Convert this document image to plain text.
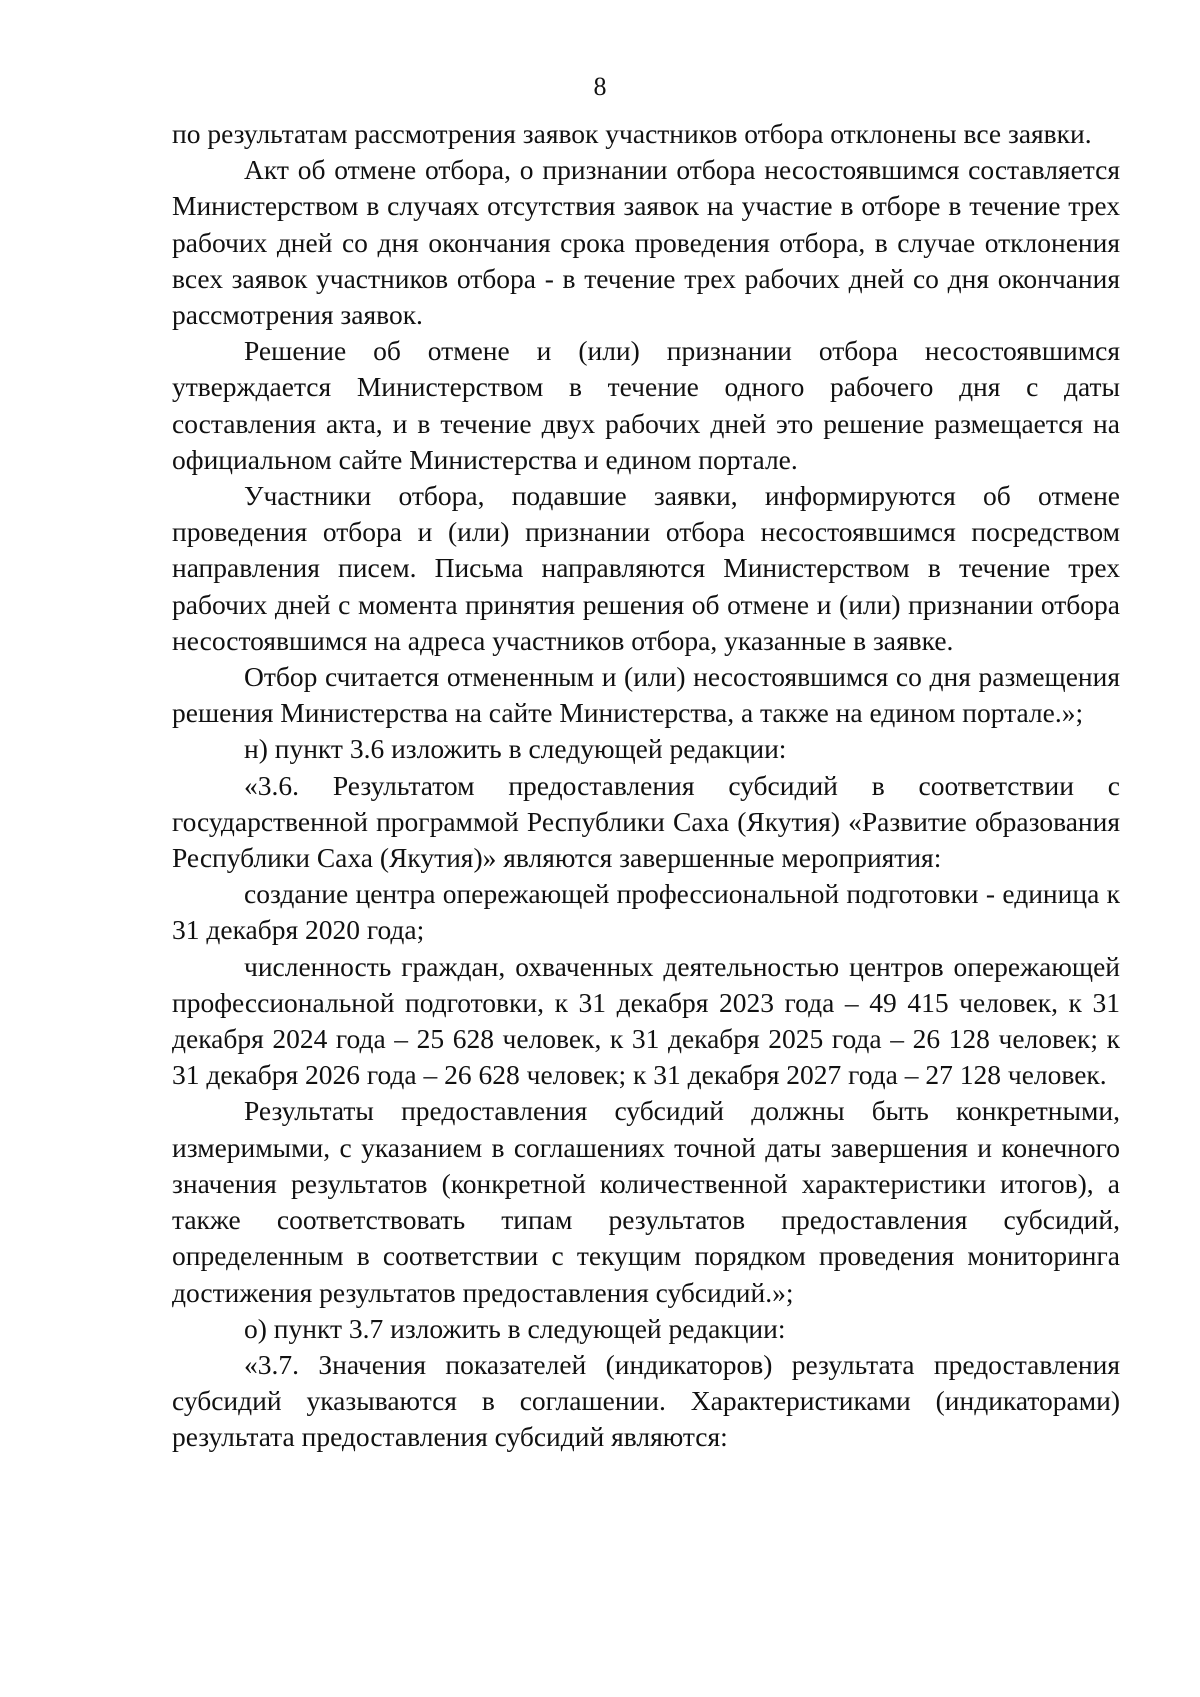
8

по результатам рассмотрения заявок участников отбора отклонены все заявки.

Акт об отмене отбора, о признании отбора несостоявшимся составляется Министерством в случаях отсутствия заявок на участие в отборе в течение трех рабочих дней со дня окончания срока проведения отбора, в случае отклонения всех заявок участников отбора - в течение трех рабочих дней со дня окончания рассмотрения заявок.

Решение об отмене и (или) признании отбора несостоявшимся утверждается Министерством в течение одного рабочего дня с даты составления акта, и в течение двух рабочих дней это решение размещается на официальном сайте Министерства и едином портале.

Участники отбора, подавшие заявки, информируются об отмене проведения отбора и (или) признании отбора несостоявшимся посредством направления писем. Письма направляются Министерством в течение трех рабочих дней с момента принятия решения об отмене и (или) признании отбора несостоявшимся на адреса участников отбора, указанные в заявке.

Отбор считается отмененным и (или) несостоявшимся со дня размещения решения Министерства на сайте Министерства, а также на едином портале.»;

н) пункт 3.6 изложить в следующей редакции:

«3.6. Результатом предоставления субсидий в соответствии с государственной программой Республики Саха (Якутия) «Развитие образования Республики Саха (Якутия)» являются завершенные мероприятия:

создание центра опережающей профессиональной подготовки - единица к 31 декабря 2020 года;

численность граждан, охваченных деятельностью центров опережающей профессиональной подготовки, к 31 декабря 2023 года – 49 415 человек, к 31 декабря 2024 года – 25 628 человек, к 31 декабря 2025 года – 26 128 человек; к 31 декабря 2026 года – 26 628 человек; к 31 декабря 2027 года – 27 128 человек.

Результаты предоставления субсидий должны быть конкретными, измеримыми, с указанием в соглашениях точной даты завершения и конечного значения результатов (конкретной количественной характеристики итогов), а также соответствовать типам результатов предоставления субсидий, определенным в соответствии с текущим порядком проведения мониторинга достижения результатов предоставления субсидий.»;

о) пункт 3.7 изложить в следующей редакции:

«3.7. Значения показателей (индикаторов) результата предоставления субсидий указываются в соглашении. Характеристиками (индикаторами) результата предоставления субсидий являются:
